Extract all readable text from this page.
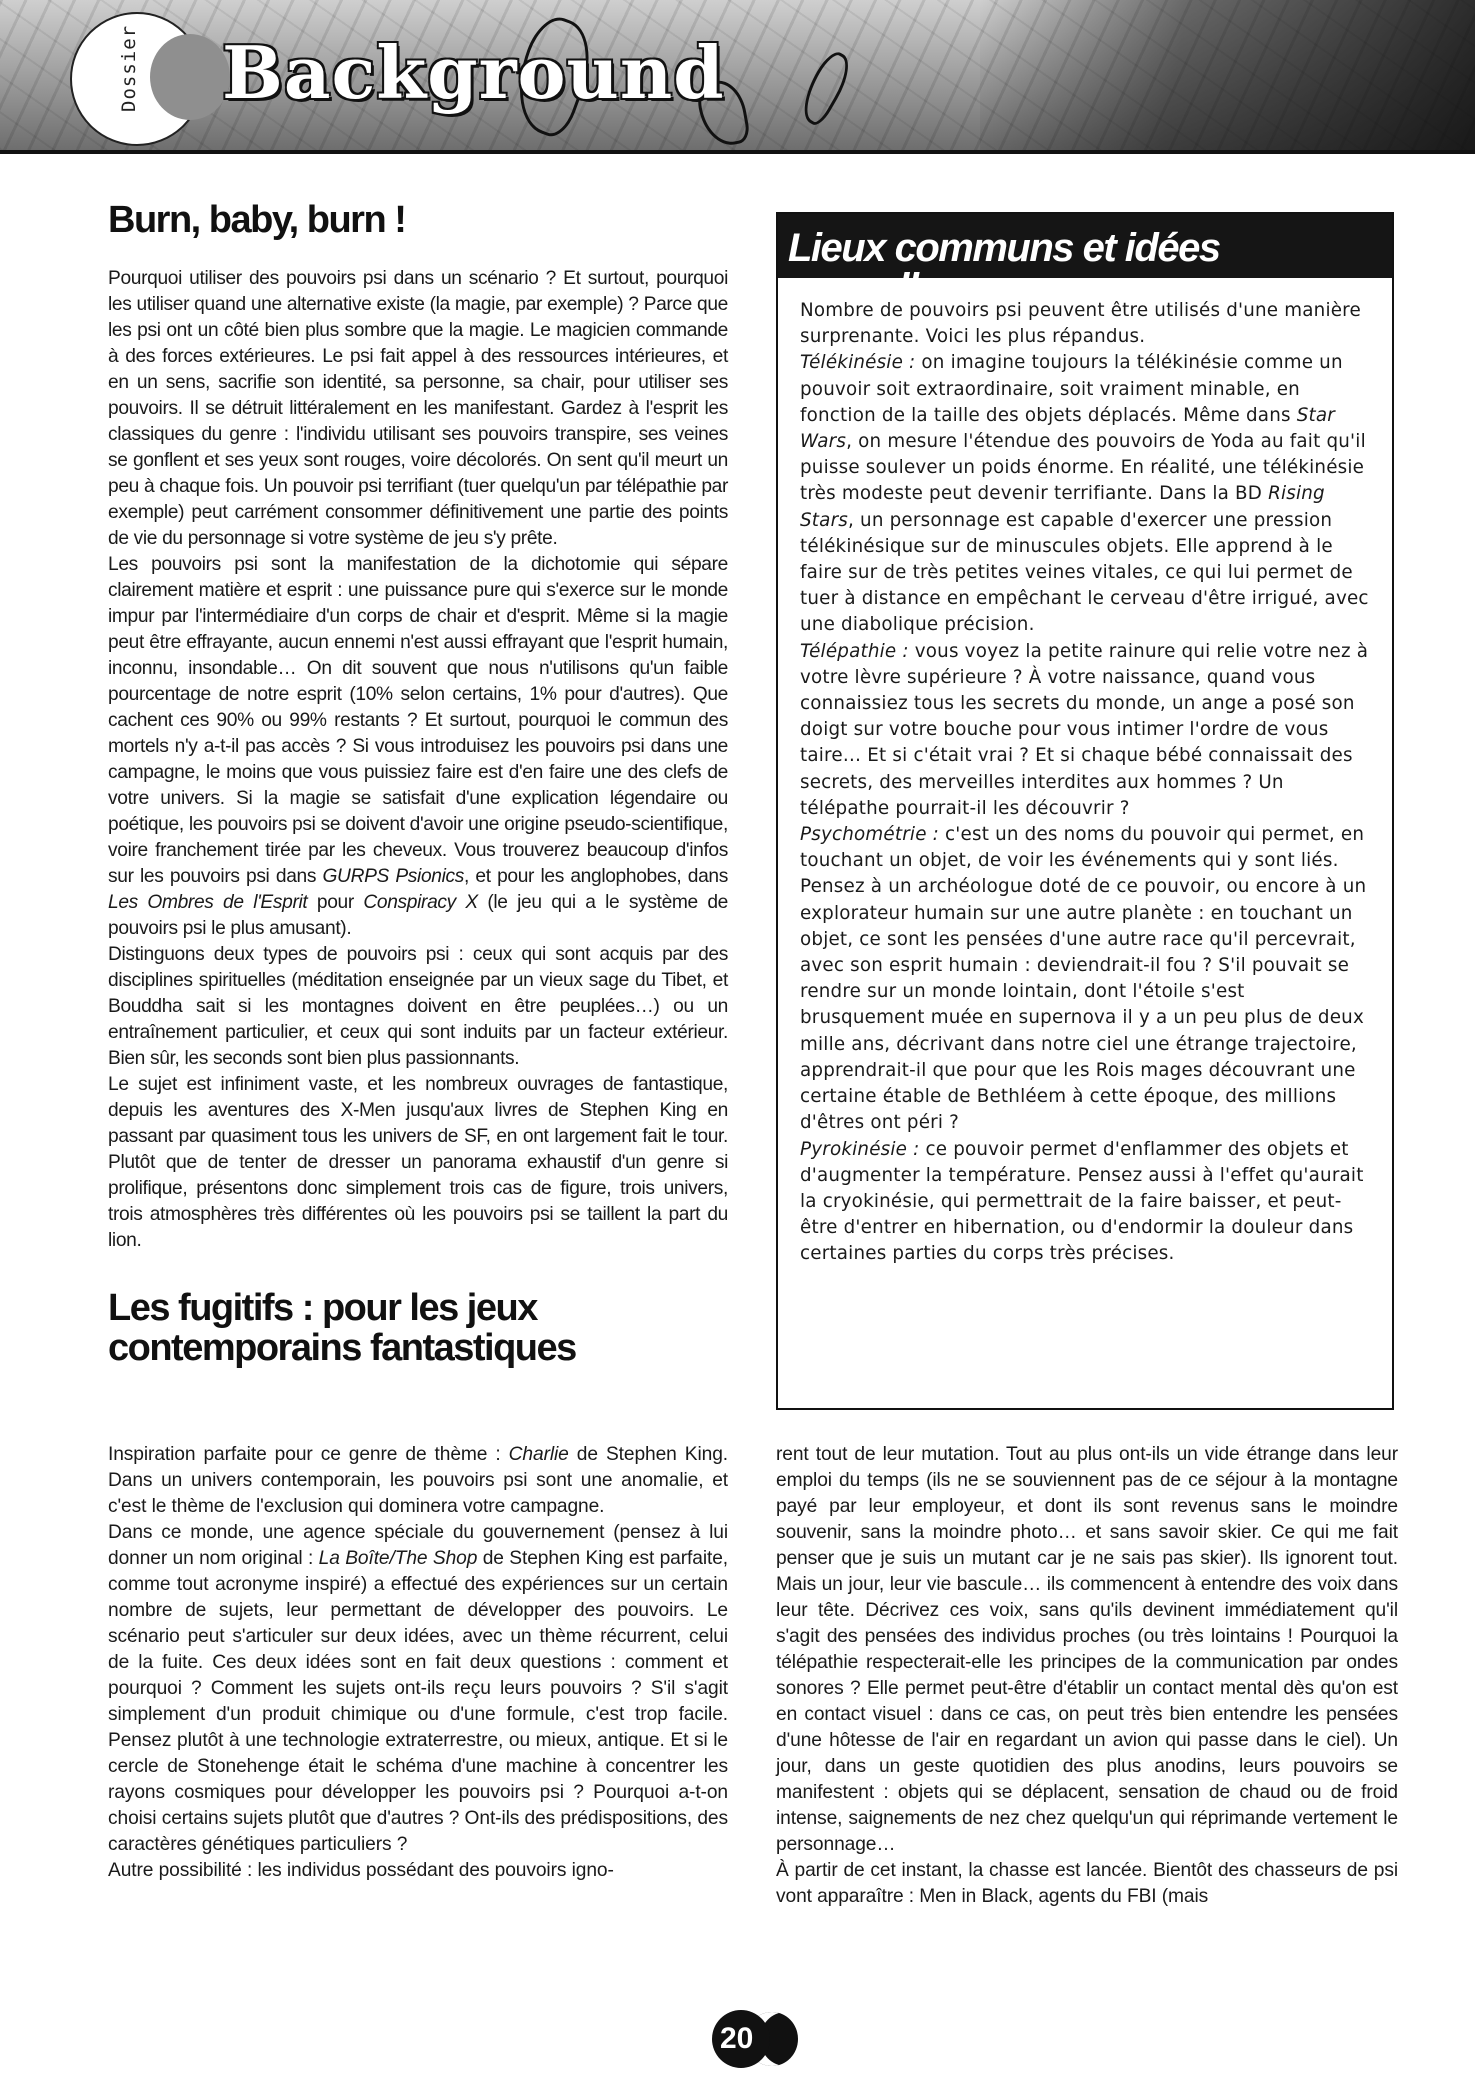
Dossier Background
Burn, baby, burn !

Pourquoi utiliser des pouvoirs psi dans un scénario ? Et surtout, pourquoi les utiliser quand une alternative existe (la magie, par exemple) ? Parce que les psi ont un côté bien plus sombre que la magie. Le magicien commande à des forces extérieures. Le psi fait appel à des ressources intérieures, et en un sens, sacrifie son identité, sa personne, sa chair, pour utiliser ses pouvoirs. Il se détruit littéralement en les manifestant. Gardez à l'esprit les classiques du genre : l'individu utilisant ses pouvoirs transpire, ses veines se gonflent et ses yeux sont rouges, voire décolorés. On sent qu'il meurt un peu à chaque fois. Un pouvoir psi terrifiant (tuer quelqu'un par télépathie par exemple) peut carrément consommer définitivement une partie des points de vie du personnage si votre système de jeu s'y prête.

Les pouvoirs psi sont la manifestation de la dichotomie qui sépare clairement matière et esprit : une puissance pure qui s'exerce sur le monde impur par l'intermédiaire d'un corps de chair et d'esprit. Même si la magie peut être effrayante, aucun ennemi n'est aussi effrayant que l'esprit humain, inconnu, insondable… On dit souvent que nous n'utilisons qu'un faible pourcentage de notre esprit (10% selon certains, 1% pour d'autres). Que cachent ces 90% ou 99% restants ? Et surtout, pourquoi le commun des mortels n'y a-t-il pas accès ? Si vous introduisez les pouvoirs psi dans une campagne, le moins que vous puissiez faire est d'en faire une des clefs de votre univers. Si la magie se satisfait d'une explication légendaire ou poétique, les pouvoirs psi se doivent d'avoir une origine pseudo-scientifique, voire franchement tirée par les cheveux. Vous trouverez beaucoup d'infos sur les pouvoirs psi dans GURPS Psionics, et pour les anglophobes, dans Les Ombres de l'Esprit pour Conspiracy X (le jeu qui a le système de pouvoirs psi le plus amusant).

Distinguons deux types de pouvoirs psi : ceux qui sont acquis par des disciplines spirituelles (méditation enseignée par un vieux sage du Tibet, et Bouddha sait si les montagnes doivent en être peuplées…) ou un entraînement particulier, et ceux qui sont induits par un facteur extérieur. Bien sûr, les seconds sont bien plus passionnants.

Le sujet est infiniment vaste, et les nombreux ouvrages de fantastique, depuis les aventures des X-Men jusqu'aux livres de Stephen King en passant par quasiment tous les univers de SF, en ont largement fait le tour. Plutôt que de tenter de dresser un panorama exhaustif d'un genre si prolifique, présentons donc simplement trois cas de figure, trois univers, trois atmosphères très différentes où les pouvoirs psi se taillent la part du lion.

Les fugitifs : pour les jeux contemporains fantastiques
Lieux communs et idées nouvelles

Nombre de pouvoirs psi peuvent être utilisés d'une manière surprenante. Voici les plus répandus.

Télékinésie : on imagine toujours la télékinésie comme un pouvoir soit extraordinaire, soit vraiment minable, en fonction de la taille des objets déplacés. Même dans Star Wars, on mesure l'étendue des pouvoirs de Yoda au fait qu'il puisse soulever un poids énorme. En réalité, une télékinésie très modeste peut devenir terrifiante. Dans la BD Rising Stars, un personnage est capable d'exercer une pression télékinésique sur de minuscules objets. Elle apprend à le faire sur de très petites veines vitales, ce qui lui permet de tuer à distance en empêchant le cerveau d'être irrigué, avec une diabolique précision.

Télépathie : vous voyez la petite rainure qui relie votre nez à votre lèvre supérieure ? À votre naissance, quand vous connaissiez tous les secrets du monde, un ange a posé son doigt sur votre bouche pour vous intimer l'ordre de vous taire… Et si c'était vrai ? Et si chaque bébé connaissait des secrets, des merveilles interdites aux hommes ? Un télépathe pourrait-il les découvrir ?

Psychométrie : c'est un des noms du pouvoir qui permet, en touchant un objet, de voir les événements qui y sont liés. Pensez à un archéologue doté de ce pouvoir, ou encore à un explorateur humain sur une autre planète : en touchant un objet, ce sont les pensées d'une autre race qu'il percevrait, avec son esprit humain : deviendrait-il fou ? S'il pouvait se rendre sur un monde lointain, dont l'étoile s'est brusquement muée en supernova il y a un peu plus de deux mille ans, décrivant dans notre ciel une étrange trajectoire, apprendrait-il que pour que les Rois mages découvrant une certaine étable de Bethléem à cette époque, des millions d'êtres ont péri ?

Pyrokinésie : ce pouvoir permet d'enflammer des objets et d'augmenter la température. Pensez aussi à l'effet qu'aurait la cryokinésie, qui permettrait de la faire baisser, et peut-être d'entrer en hibernation, ou d'endormir la douleur dans certaines parties du corps très précises.

Inspiration parfaite pour ce genre de thème : Charlie de Stephen King. Dans un univers contemporain, les pouvoirs psi sont une anomalie, et c'est le thème de l'exclusion qui dominera votre campagne.

Dans ce monde, une agence spéciale du gouvernement (pensez à lui donner un nom original : La Boîte/The Shop de Stephen King est parfaite, comme tout acronyme inspiré) a effectué des expériences sur un certain nombre de sujets, leur permettant de développer des pouvoirs. Le scénario peut s'articuler sur deux idées, avec un thème récurrent, celui de la fuite. Ces deux idées sont en fait deux questions : comment et pourquoi ? Comment les sujets ont-ils reçu leurs pouvoirs ? S'il s'agit simplement d'un produit chimique ou d'une formule, c'est trop facile. Pensez plutôt à une technologie extraterrestre, ou mieux, antique. Et si le cercle de Stonehenge était le schéma d'une machine à concentrer les rayons cosmiques pour développer les pouvoirs psi ? Pourquoi a-t-on choisi certains sujets plutôt que d'autres ? Ont-ils des prédispositions, des caractères génétiques particuliers ?

Autre possibilité : les individus possédant des pouvoirs igno-

rent tout de leur mutation. Tout au plus ont-ils un vide étrange dans leur emploi du temps (ils ne se souviennent pas de ce séjour à la montagne payé par leur employeur, et dont ils sont revenus sans le moindre souvenir, sans la moindre photo… et sans savoir skier. Ce qui me fait penser que je suis un mutant car je ne sais pas skier). Ils ignorent tout. Mais un jour, leur vie bascule… ils commencent à entendre des voix dans leur tête. Décrivez ces voix, sans qu'ils devinent immédiatement qu'il s'agit des pensées des individus proches (ou très lointains ! Pourquoi la télépathie respecterait-elle les principes de la communication par ondes sonores ? Elle permet peut-être d'établir un contact mental dès qu'on est en contact visuel : dans ce cas, on peut très bien entendre les pensées d'une hôtesse de l'air en regardant un avion qui passe dans le ciel). Un jour, dans un geste quotidien des plus anodins, leurs pouvoirs se manifestent : objets qui se déplacent, sensation de chaud ou de froid intense, saignements de nez chez quelqu'un qui réprimande vertement le personnage…

À partir de cet instant, la chasse est lancée. Bientôt des chasseurs de psi vont apparaître : Men in Black, agents du FBI (mais

20
